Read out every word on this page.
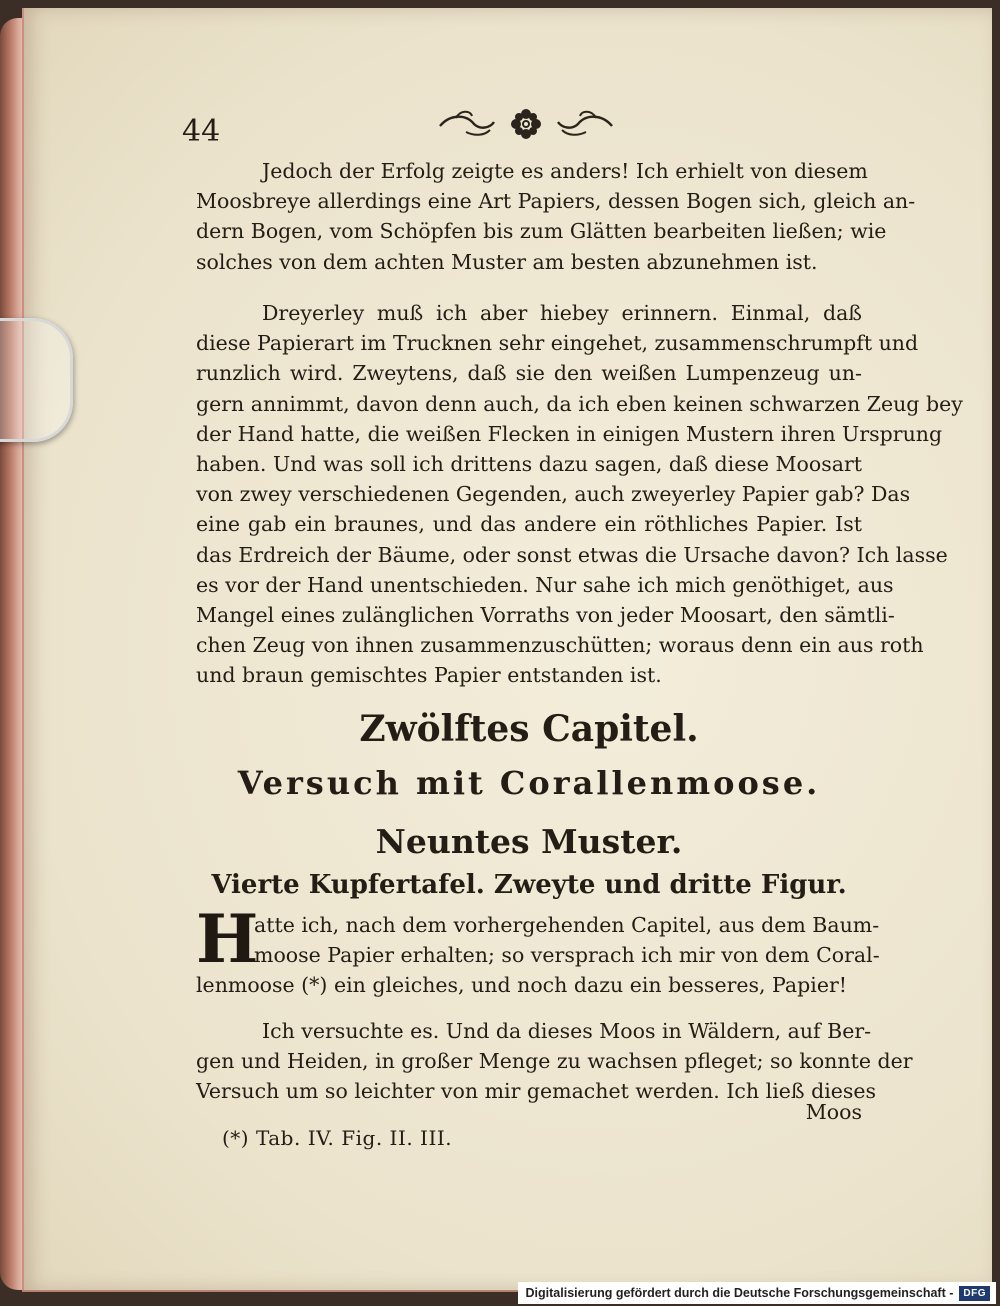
44
Jedoch der Erfolg zeigte es anders! Ich erhielt von diesem
Moosbreye allerdings eine Art Papiers, dessen Bogen sich, gleich an-
dern Bogen, vom Schöpfen bis zum Glätten bearbeiten ließen; wie
solches von dem achten Muster am besten abzunehmen ist.
Dreyerley muß ich aber hiebey erinnern. Einmal, daß
diese Papierart im Trucknen sehr eingehet, zusammenschrumpft und
runzlich wird. Zweytens, daß sie den weißen Lumpenzeug un-
gern annimmt, davon denn auch, da ich eben keinen schwarzen Zeug bey
der Hand hatte, die weißen Flecken in einigen Mustern ihren Ursprung
haben. Und was soll ich drittens dazu sagen, daß diese Moosart
von zwey verschiedenen Gegenden, auch zweyerley Papier gab? Das
eine gab ein braunes, und das andere ein röthliches Papier. Ist
das Erdreich der Bäume, oder sonst etwas die Ursache davon? Ich lasse
es vor der Hand unentschieden. Nur sahe ich mich genöthiget, aus
Mangel eines zulänglichen Vorraths von jeder Moosart, den sämtli-
chen Zeug von ihnen zusammenzuschütten; woraus denn ein aus roth
und braun gemischtes Papier entstanden ist.
Zwölftes Capitel.
Versuch mit Corallenmoose.
Neuntes Muster.
Vierte Kupfertafel. Zweyte und dritte Figur.
H
atte ich, nach dem vorhergehenden Capitel, aus dem Baum-
moose Papier erhalten; so versprach ich mir von dem Coral-
lenmoose (*) ein gleiches, und noch dazu ein besseres, Papier!
Ich versuchte es. Und da dieses Moos in Wäldern, auf Ber-
gen und Heiden, in großer Menge zu wachsen pfleget; so konnte der
Versuch um so leichter von mir gemachet werden. Ich ließ dieses
Moos
(*) Tab. IV. Fig. II. III.
Digitalisierung gefördert durch die Deutsche Forschungsgemeinschaft -	DFG
